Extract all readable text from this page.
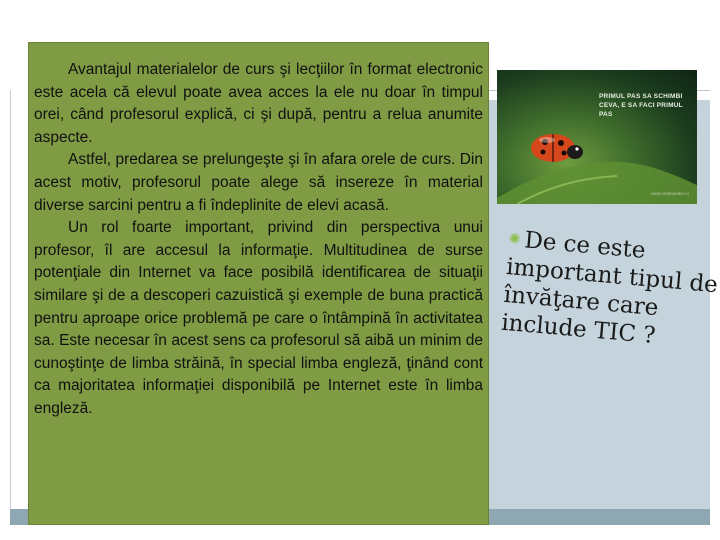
Avantajul materialelor de curs şi lecţiilor în format electronic este acela că elevul poate avea acces la ele nu doar în timpul orei, când profesorul explică, ci şi după, pentru a relua anumite aspecte.

Astfel, predarea se prelungeşte şi în afara orele de curs. Din acest motiv, profesorul poate alege să insereze în material diverse sarcini pentru a fi îndeplinite de elevi acasă.

Un rol foarte important, privind din perspectiva unui profesor, îl are accesul la informaţie. Multitudinea de surse potenţiale din Internet va face posibilă identificarea de situaţii similare şi de a descoperi cazuistică şi exemple de buna practică pentru aproape orice problemă pe care o întâmpină în activitatea sa. Este necesar în acest sens ca profesorul să aibă un minim de cunoştinţe de limba străină, în special limba engleză, ţinând cont ca majoritatea informaţiei disponibilă pe Internet este în limba engleză.

PRIMUL PAS SA SCHIMBI CEVA, E SA FACI PRIMUL PAS
www.citatepedia.ro
✺De ce este important tipul de învăţare care include TIC ?
